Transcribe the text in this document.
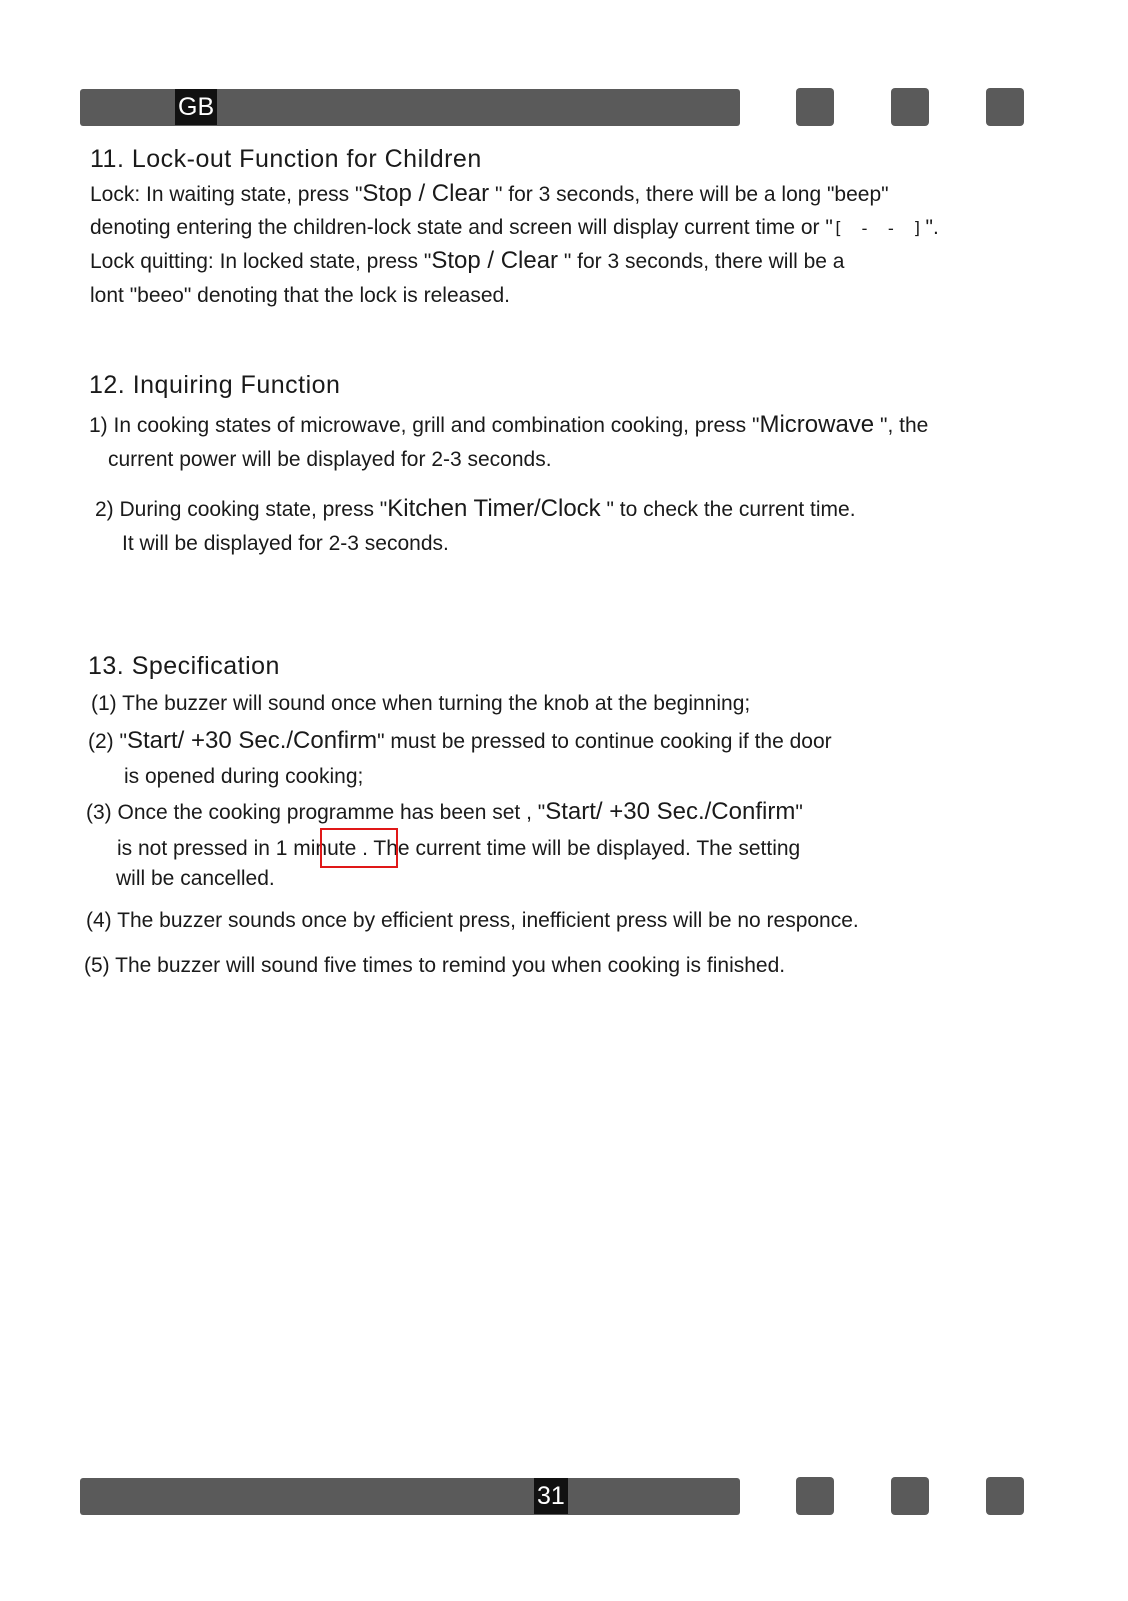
GB
11. Lock-out Function for Children
Lock: In waiting state, press "Stop / Clear " for 3 seconds, there will be a long "beep"
denoting entering the children-lock state and screen will display current time or "[ - - ]".
Lock quitting: In locked state, press "Stop / Clear " for 3 seconds, there will be a
lont "beeo" denoting that the lock is released.
12. Inquiring Function
1) In cooking states of microwave, grill and combination cooking, press "Microwave ", the
current power will be displayed for 2-3 seconds.
2) During cooking state, press "Kitchen Timer/Clock " to check the current time.
It will be displayed for 2-3 seconds.
13. Specification
(1) The buzzer will sound once when turning the knob at the beginning;
(2) "Start/ +30 Sec./Confirm" must be pressed to continue cooking if the door
is opened during cooking;
(3) Once the cooking programme has been set , "Start/ +30 Sec./Confirm"
is not pressed in 1 minute . The current time will be displayed. The setting
will be cancelled.
(4) The buzzer sounds once by efficient press, inefficient press will be no responce.
(5) The buzzer will sound five times to remind you when cooking is finished.
31
